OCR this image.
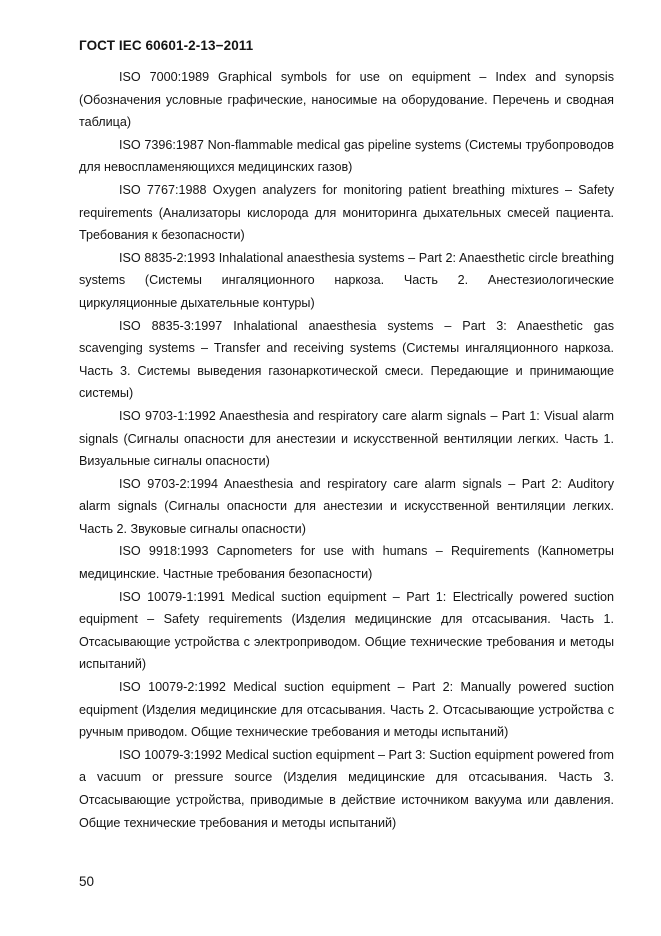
ГОСТ IEC 60601-2-13−2011

ISO 7000:1989 Graphical symbols for use on equipment – Index and synopsis (Обозначения условные графические, наносимые на оборудование. Перечень и сводная таблица)

ISO 7396:1987 Non-flammable medical gas pipeline systems (Системы трубопроводов для невоспламеняющихся медицинских газов)

ISO 7767:1988 Oxygen analyzers for monitoring patient breathing mixtures – Safety requirements (Анализаторы кислорода для мониторинга дыхательных смесей пациента. Требования к безопасности)

ISO 8835-2:1993 Inhalational anaesthesia systems – Part 2: Anaesthetic circle breathing systems (Системы ингаляционного наркоза. Часть 2. Анестезиологические циркуляционные дыхательные контуры)

ISO 8835-3:1997 Inhalational anaesthesia systems – Part 3: Anaesthetic gas scavenging systems – Transfer and receiving systems (Системы ингаляционного наркоза. Часть 3. Системы выведения газонаркотической смеси. Передающие и принимающие системы)

ISO 9703-1:1992 Anaesthesia and respiratory care alarm signals – Part 1: Visual alarm signals (Сигналы опасности для анестезии и искусственной вентиляции легких. Часть 1. Визуальные сигналы опасности)

ISO 9703-2:1994 Anaesthesia and respiratory care alarm signals – Part 2: Auditory alarm signals (Сигналы опасности для анестезии и искусственной вентиляции легких. Часть 2. Звуковые сигналы опасности)

ISO 9918:1993 Capnometers for use with humans – Requirements (Капнометры медицинские. Частные требования безопасности)

ISO 10079-1:1991 Medical suction equipment – Part 1: Electrically powered suction equipment – Safety requirements (Изделия медицинские для отсасывания. Часть 1. Отсасывающие устройства с электроприводом. Общие технические требования и методы испытаний)

ISO 10079-2:1992 Medical suction equipment – Part 2: Manually powered suction equipment (Изделия медицинские для отсасывания. Часть 2. Отсасывающие устройства с ручным приводом. Общие технические требования и методы испытаний)

ISO 10079-3:1992 Medical suction equipment – Part 3: Suction equipment powered from a vacuum or pressure source (Изделия медицинские для отсасывания. Часть 3. Отсасывающие устройства, приводимые в действие источником вакуума или давления. Общие технические требования и методы испытаний)

50
